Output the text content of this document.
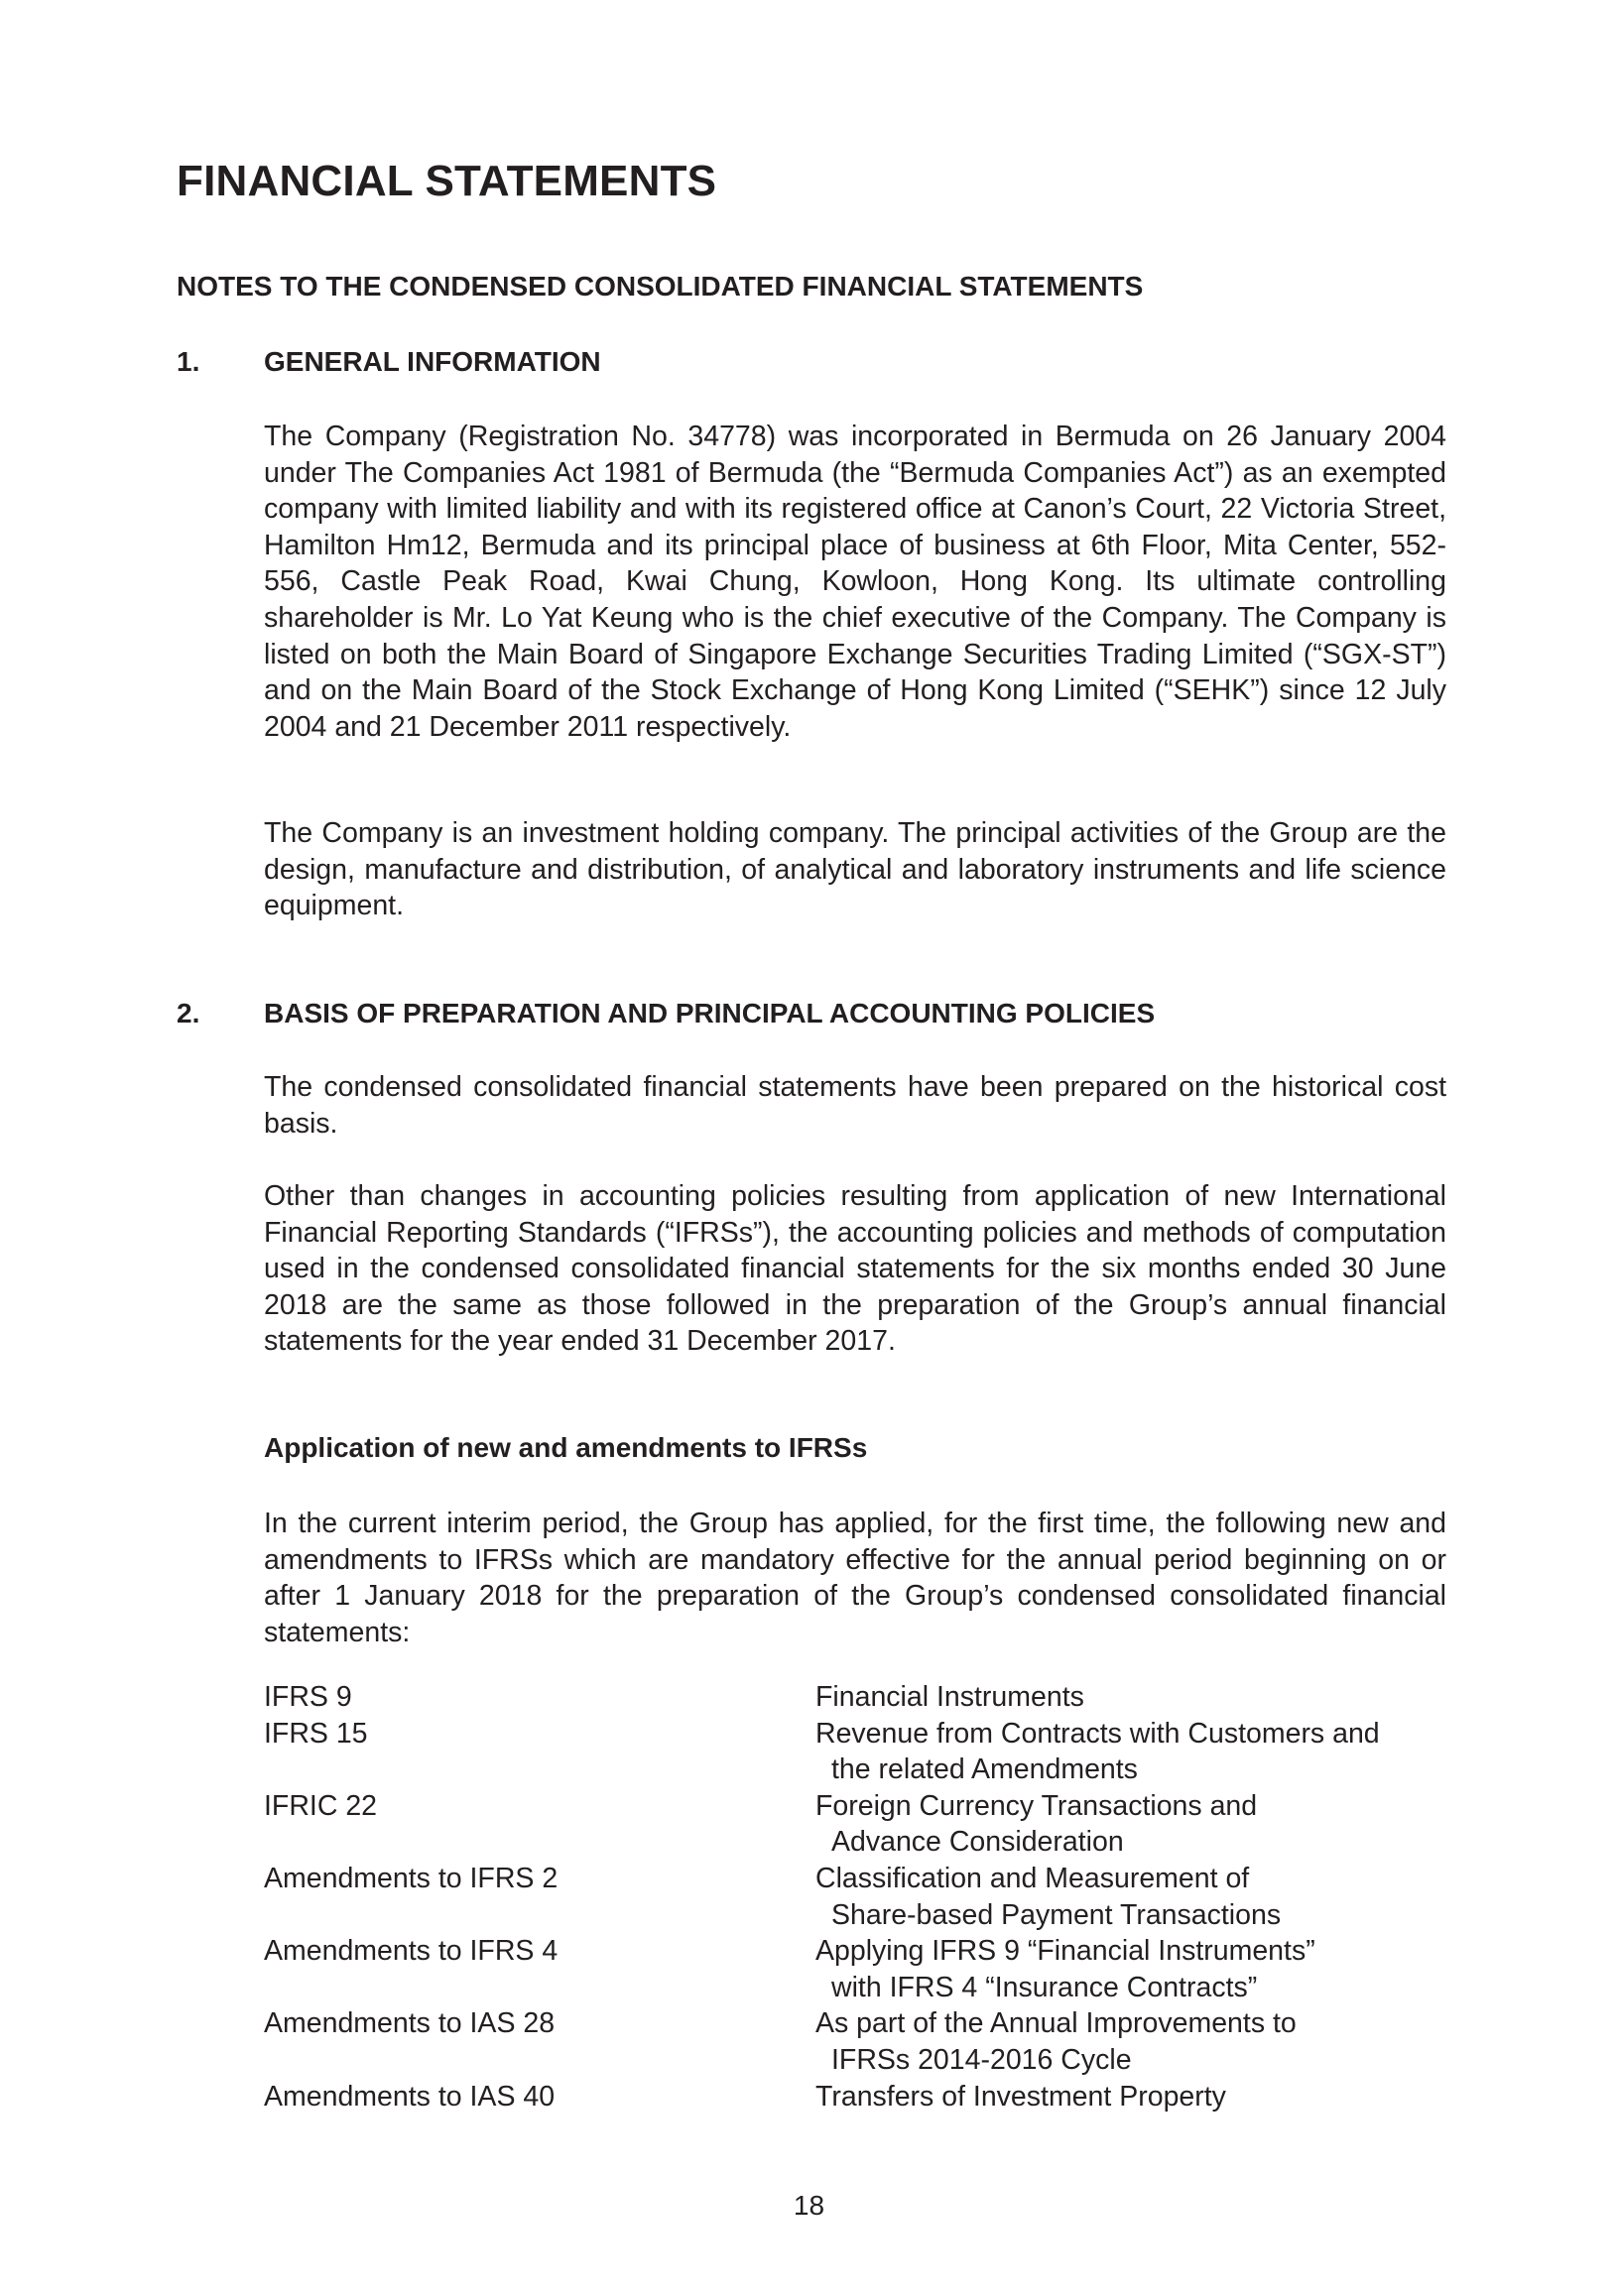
FINANCIAL STATEMENTS
NOTES TO THE CONDENSED CONSOLIDATED FINANCIAL STATEMENTS
1. GENERAL INFORMATION

The Company (Registration No. 34778) was incorporated in Bermuda on 26 January 2004 under The Companies Act 1981 of Bermuda (the “Bermuda Companies Act”) as an exempted company with limited liability and with its registered office at Canon’s Court, 22 Victoria Street, Hamilton Hm12, Bermuda and its principal place of business at 6th Floor, Mita Center, 552-556, Castle Peak Road, Kwai Chung, Kowloon, Hong Kong. Its ultimate controlling shareholder is Mr. Lo Yat Keung who is the chief executive of the Company. The Company is listed on both the Main Board of Singapore Exchange Securities Trading Limited (“SGX-ST”) and on the Main Board of the Stock Exchange of Hong Kong Limited (“SEHK”) since 12 July 2004 and 21 December 2011 respectively.

The Company is an investment holding company. The principal activities of the Group are the design, manufacture and distribution, of analytical and laboratory instruments and life science equipment.

2. BASIS OF PREPARATION AND PRINCIPAL ACCOUNTING POLICIES

The condensed consolidated financial statements have been prepared on the historical cost basis.

Other than changes in accounting policies resulting from application of new International Financial Reporting Standards (“IFRSs”), the accounting policies and methods of computation used in the condensed consolidated financial statements for the six months ended 30 June 2018 are the same as those followed in the preparation of the Group’s annual financial statements for the year ended 31 December 2017.

Application of new and amendments to IFRSs

In the current interim period, the Group has applied, for the first time, the following new and amendments to IFRSs which are mandatory effective for the annual period beginning on or after 1 January 2018 for the preparation of the Group’s condensed consolidated financial statements:

IFRS 9	Financial Instruments
IFRS 15	Revenue from Contracts with Customers and
the related Amendments

IFRIC 22	Foreign Currency Transactions and
Advance Consideration

Amendments to IFRS 2	Classification and Measurement of
Share-based Payment Transactions

Amendments to IFRS 4	Applying IFRS 9 “Financial Instruments”
with IFRS 4 “Insurance Contracts”

Amendments to IAS 28	As part of the Annual Improvements to
IFRSs 2014-2016 Cycle

Amendments to IAS 40	Transfers of Investment Property

18
